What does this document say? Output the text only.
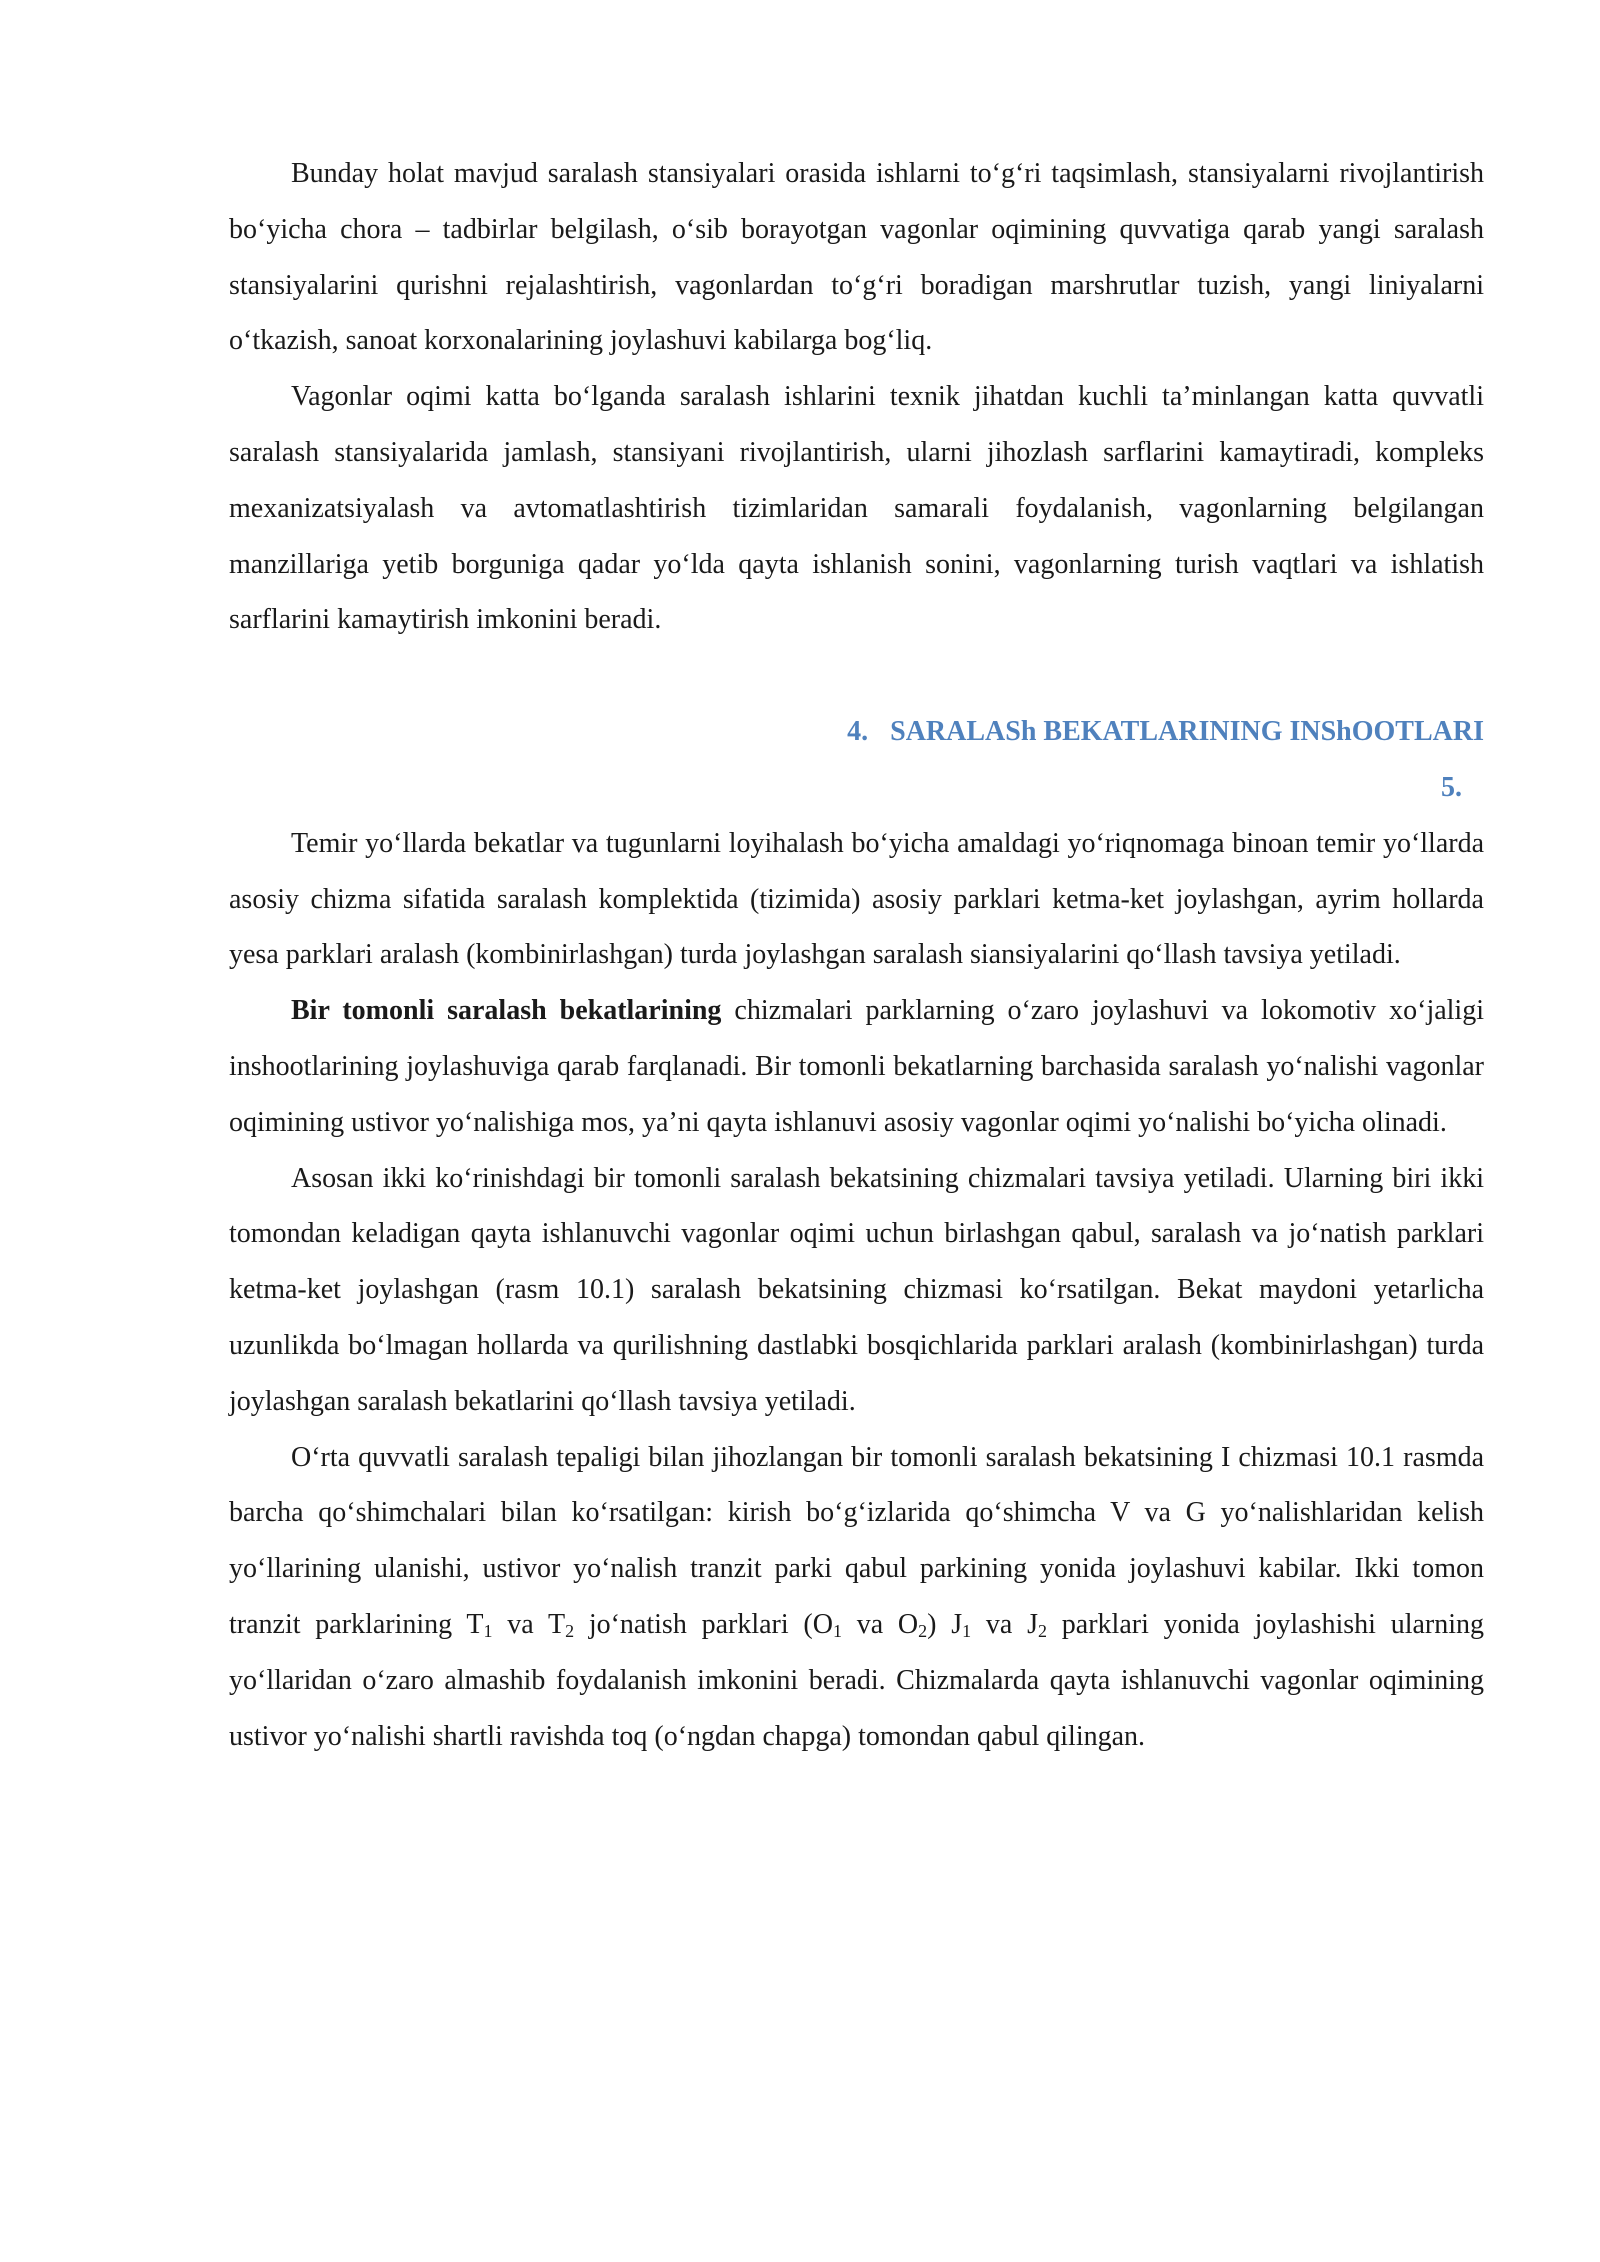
Bunday holat mavjud saralash stansiyalari orasida ishlarni to‘g‘ri taqsimlash, stansiyalarni rivojlantirish bo‘yicha chora – tadbirlar belgilash, o‘sib borayotgan vagonlar oqimining quvvatiga qarab yangi saralash stansiyalarini qurishni rejalashtirish, vagonlardan to‘g‘ri boradigan marshrutlar tuzish, yangi liniyalarni o‘tkazish, sanoat korxonalarining joylashuvi kabilarga bog‘liq.

Vagonlar oqimi katta bo‘lganda saralash ishlarini texnik jihatdan kuchli ta’minlangan katta quvvatli saralash stansiyalarida jamlash, stansiyani rivojlantirish, ularni jihozlash sarflarini kamaytiradi, kompleks mexanizatsiyalash va avtomatlashtirish tizimlaridan samarali foydalanish, vagonlarning belgilangan manzillariga yetib borguniga qadar yo‘lda qayta ishlanish sonini, vagonlarning turish vaqtlari va ishlatish sarflarini kamaytirish imkonini beradi.

4. SARALASh BEKATLARINING INShOOTLARI
5.

Temir yo‘llarda bekatlar va tugunlarni loyihalash bo‘yicha amaldagi yo‘riqnomaga binoan temir yo‘llarda asosiy chizma sifatida saralash komplektida (tizimida) asosiy parklari ketma-ket joylashgan, ayrim hollarda yesa parklari aralash (kombinirlashgan) turda joylashgan saralash siansiyalarini qo‘llash tavsiya yetiladi.

Bir tomonli saralash bekatlarining chizmalari parklarning o‘zaro joylashuvi va lokomotiv xo‘jaligi inshootlarining joylashuviga qarab farqlanadi. Bir tomonli bekatlarning barchasida saralash yo‘nalishi vagonlar oqimining ustivor yo‘nalishiga mos, ya’ni qayta ishlanuvi asosiy vagonlar oqimi yo‘nalishi bo‘yicha olinadi.

Asosan ikki ko‘rinishdagi bir tomonli saralash bekatsining chizmalari tavsiya yetiladi. Ularning biri ikki tomondan keladigan qayta ishlanuvchi vagonlar oqimi uchun birlashgan qabul, saralash va jo‘natish parklari ketma-ket joylashgan (rasm 10.1) saralash bekatsining chizmasi ko‘rsatilgan. Bekat maydoni yetarlicha uzunlikda bo‘lmagan hollarda va qurilishning dastlabki bosqichlarida parklari aralash (kombinirlashgan) turda joylashgan saralash bekatlarini qo‘llash tavsiya yetiladi.

O‘rta quvvatli saralash tepaligi bilan jihozlangan bir tomonli saralash bekatsining I chizmasi 10.1 rasmda barcha qo‘shimchalari bilan ko‘rsatilgan: kirish bo‘g‘izlarida qo‘shimcha V va G yo‘nalishlaridan kelish yo‘llarining ulanishi, ustivor yo‘nalish tranzit parki qabul parkining yonida joylashuvi kabilar. Ikki tomon tranzit parklarining $T_1$ va $T_2$ jo‘natish parklari ($O_1$ va $O_2$) $J_1$ va $J_2$ parklari yonida joylashishi ularning yo‘llaridan o‘zaro almashib foydalanish imkonini beradi. Chizmalarda qayta ishlanuvchi vagonlar oqimining ustivor yo‘nalishi shartli ravishda toq (o‘ngdan chapga) tomondan qabul qilingan.
